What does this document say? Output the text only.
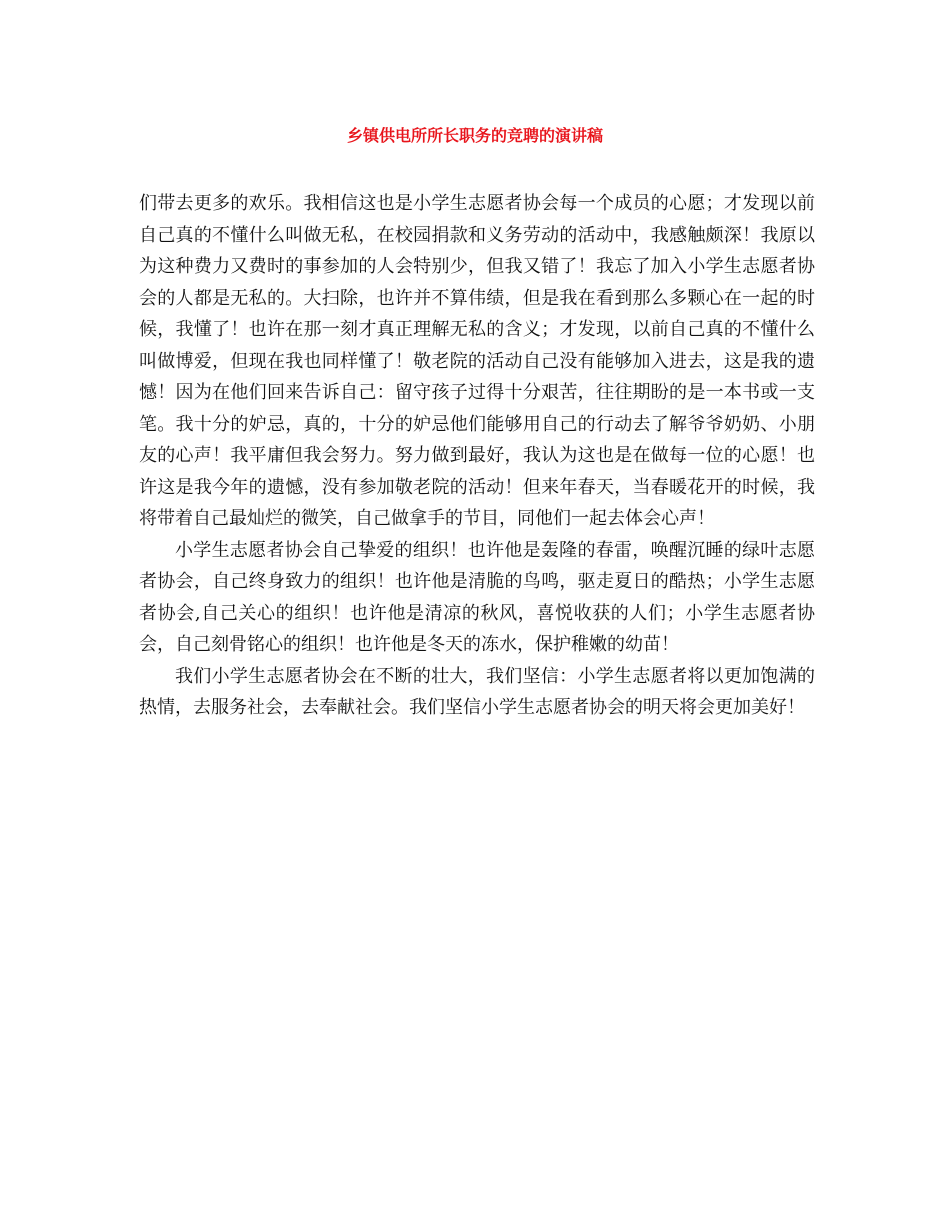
乡镇供电所所长职务的竞聘的演讲稿

们带去更多的欢乐。我相信这也是小学生志愿者协会每一个成员的心愿；才发现以前自己真的不懂什么叫做无私，在校园捐款和义务劳动的活动中，我感触颇深！我原以为这种费力又费时的事参加的人会特别少，但我又错了！我忘了加入小学生志愿者协会的人都是无私的。大扫除，也许并不算伟绩，但是我在看到那么多颗心在一起的时候，我懂了！也许在那一刻才真正理解无私的含义；才发现，以前自己真的不懂什么叫做博爱，但现在我也同样懂了！敬老院的活动自己没有能够加入进去，这是我的遗憾！因为在他们回来告诉自己：留守孩子过得十分艰苦，往往期盼的是一本书或一支笔。我十分的妒忌，真的，十分的妒忌他们能够用自己的行动去了解爷爷奶奶、小朋友的心声！我平庸但我会努力。努力做到最好，我认为这也是在做每一位的心愿！也许这是我今年的遗憾，没有参加敬老院的活动！但来年春天，当春暖花开的时候，我将带着自己最灿烂的微笑，自己做拿手的节目，同他们一起去体会心声！

小学生志愿者协会自己挚爱的组织！也许他是轰隆的春雷，唤醒沉睡的绿叶志愿者协会，自己终身致力的组织！也许他是清脆的鸟鸣，驱走夏日的酷热；小学生志愿者协会,自己关心的组织！也许他是清凉的秋风，喜悦收获的人们；小学生志愿者协会，自己刻骨铭心的组织！也许他是冬天的冻水，保护稚嫩的幼苗！

我们小学生志愿者协会在不断的壮大，我们坚信：小学生志愿者将以更加饱满的热情，去服务社会，去奉献社会。我们坚信小学生志愿者协会的明天将会更加美好！
